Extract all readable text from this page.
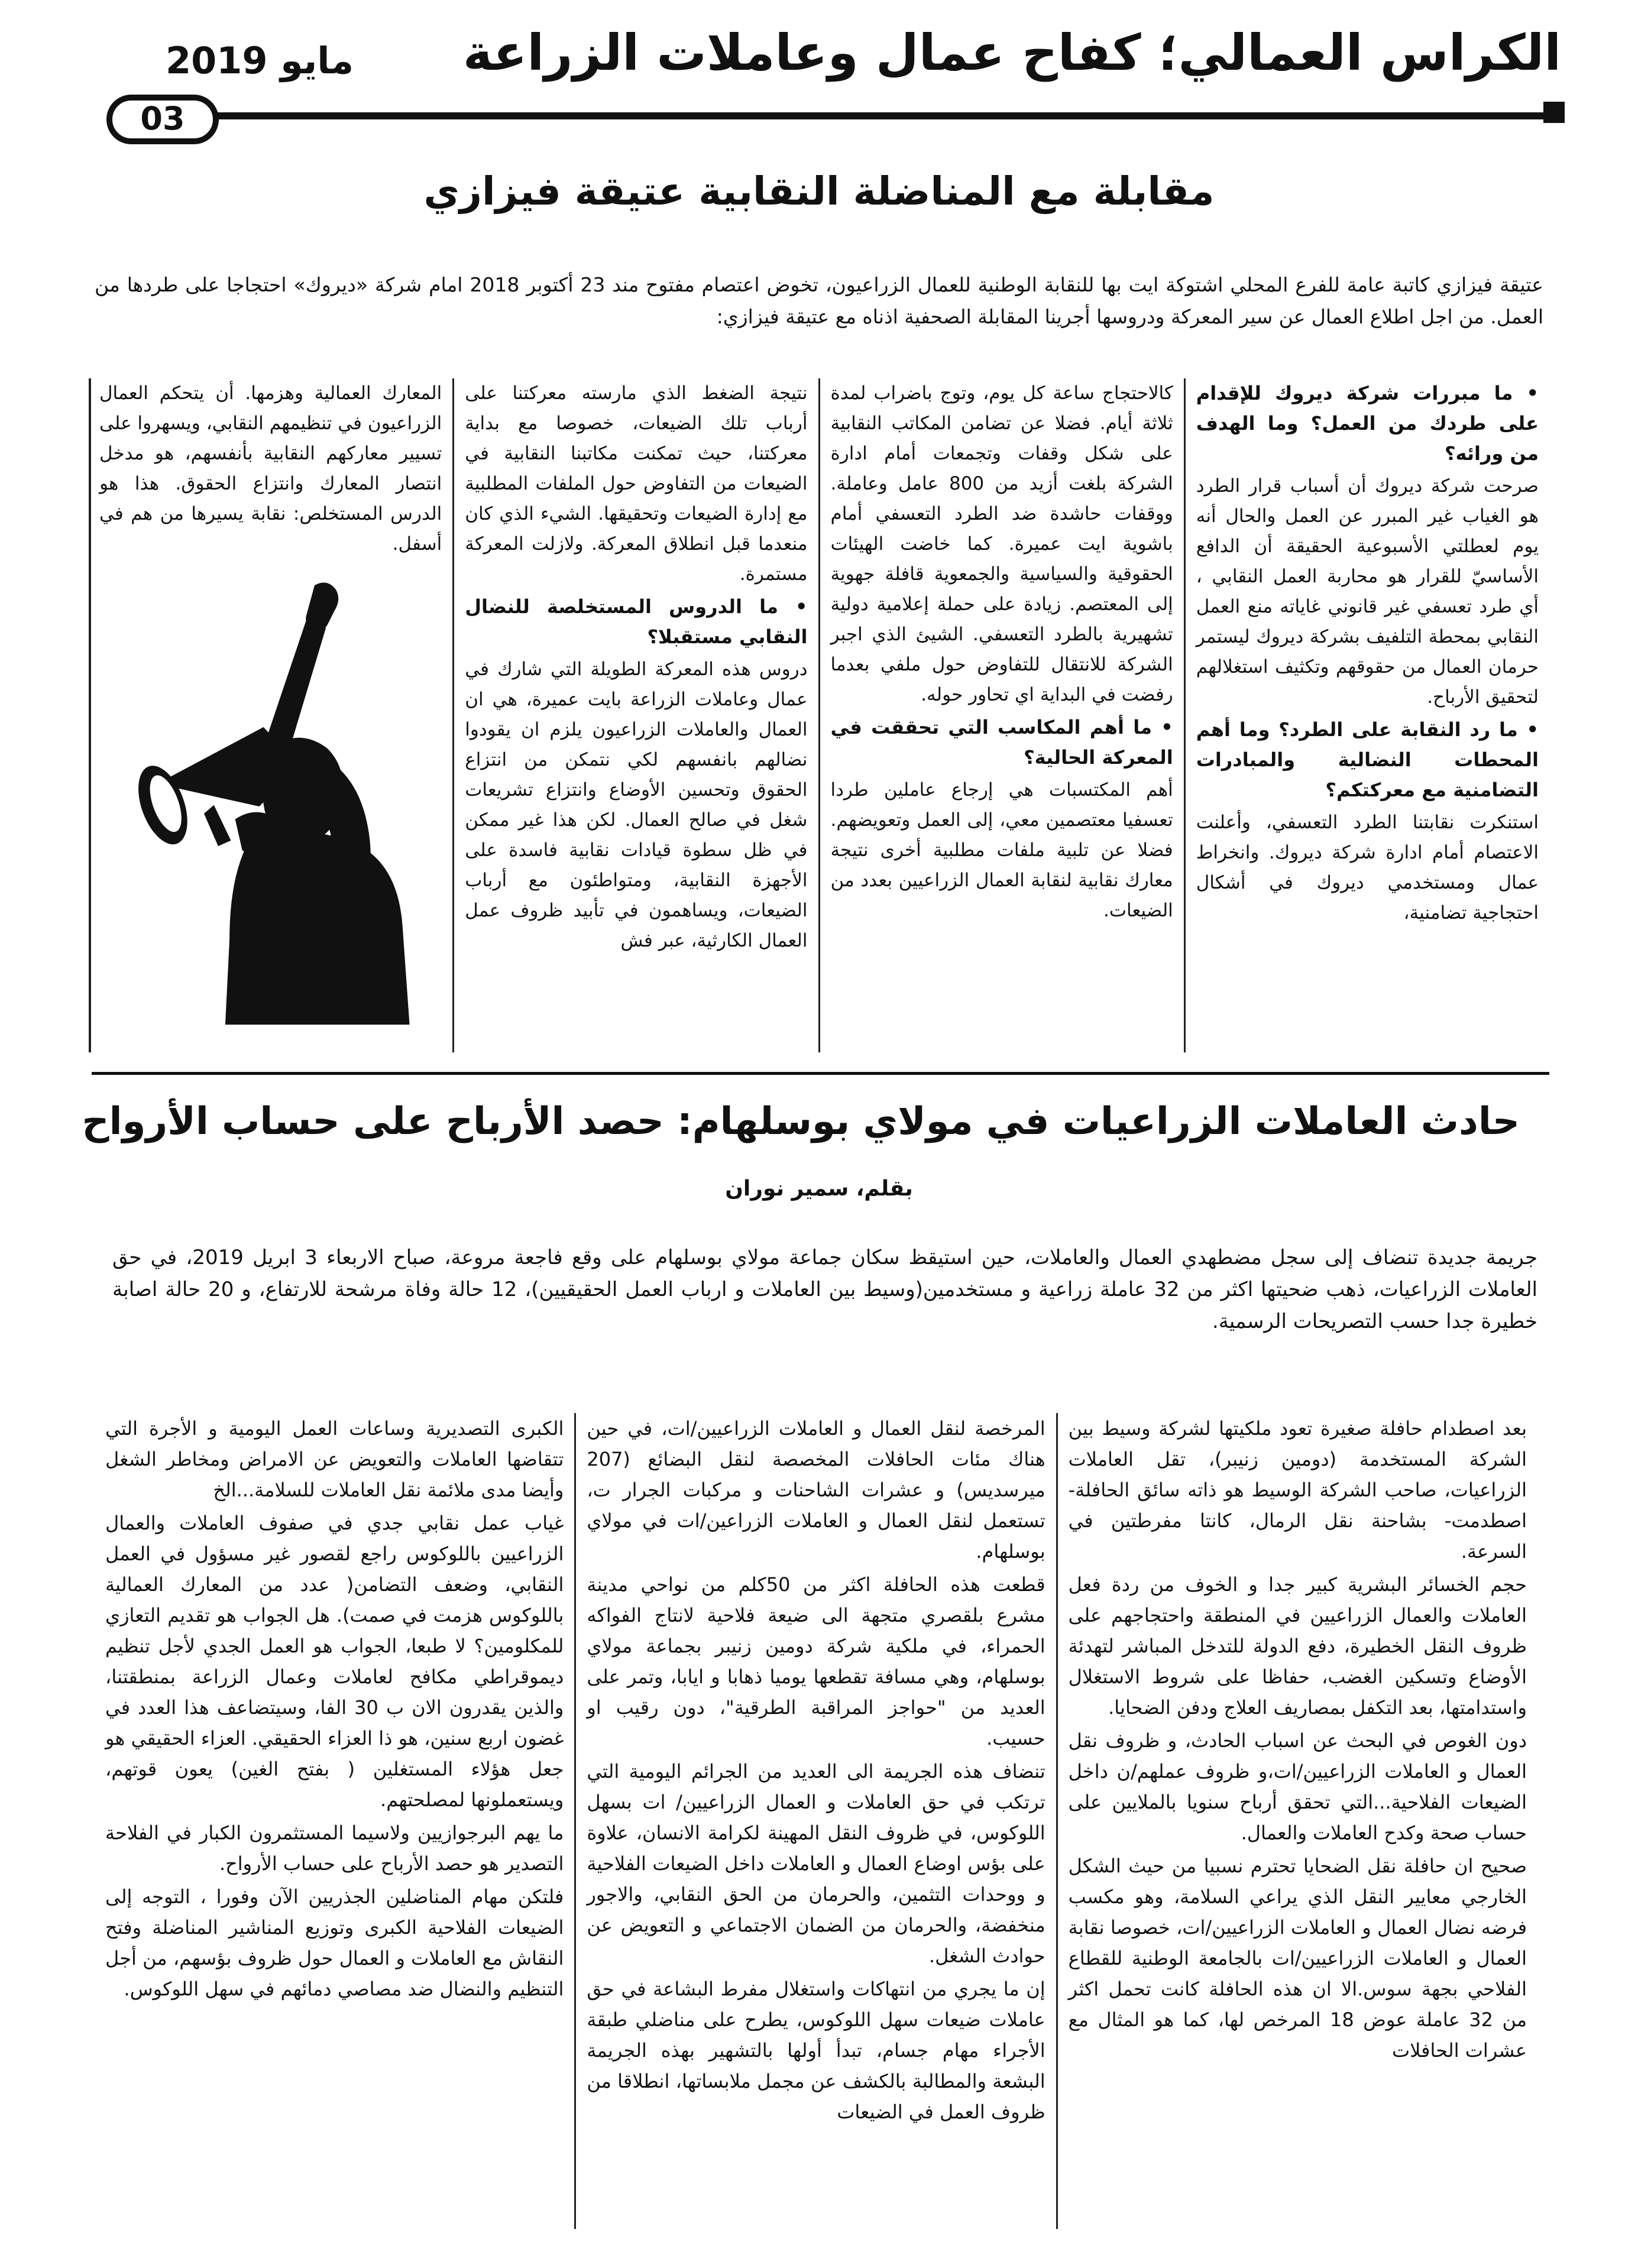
الكراس العمالي؛ كفاح عمال وعاملات الزراعة
مايو 2019
03
مقابلة مع المناضلة النقابية عتيقة فيزازي

عتيقة فيزازي كاتبة عامة للفرع المحلي اشتوكة ايت بها للنقابة الوطنية للعمال الزراعيون، تخوض اعتصام مفتوح مند 23 أكتوبر 2018 امام شركة «ديروك» احتجاجا على طردها من العمل. من اجل اطلاع العمال عن سير المعركة ودروسها أجرينا المقابلة الصحفية اذناه مع عتيقة فيزازي:

• ما مبررات شركة ديروك للإقدام على طردك من العمل؟ وما الهدف من ورائه؟

صرحت شركة ديروك أن أسباب قرار الطرد هو الغياب غير المبرر عن العمل والحال أنه يوم لعطلتي الأسبوعية الحقيقة أن الدافع الأساسيّ للقرار هو محاربة العمل النقابي ، أي طرد تعسفي غير قانوني غاياته منع العمل النقابي بمحطة التلفيف بشركة ديروك ليستمر حرمان العمال من حقوقهم وتكثيف استغلالهم لتحقيق الأرباح.

• ما رد النقابة على الطرد؟ وما أهم المحطات النضالية والمبادرات التضامنية مع معركتكم؟

استنكرت نقابتنا الطرد التعسفي، وأعلنت الاعتصام أمام ادارة شركة ديروك. وانخراط عمال ومستخدمي ديروك في أشكال احتجاجية تضامنية،

كالاحتجاج ساعة كل يوم، وتوج باضراب لمدة ثلاثة أيام. فضلا عن تضامن المكاتب النقابية على شكل وقفات وتجمعات أمام ادارة الشركة بلغت أزيد من 800 عامل وعاملة. ووقفات حاشدة ضد الطرد التعسفي أمام باشوية ايت عميرة. كما خاضت الهيئات الحقوقية والسياسية والجمعوية قافلة جهوية إلى المعتصم. زيادة على حملة إعلامية دولية تشهيرية بالطرد التعسفي. الشيئ الذي اجبر الشركة للانتقال للتفاوض حول ملفي بعدما رفضت في البداية اي تحاور حوله.

• ما أهم المكاسب التي تحققت في المعركة الحالية؟

أهم المكتسبات هي إرجاع عاملين طردا تعسفيا معتصمين معي، إلى العمل وتعويضهم. فضلا عن تلبية ملفات مطلبية أخرى نتيجة معارك نقابية لنقابة العمال الزراعيين بعدد من الضيعات.

نتيجة الضغط الذي مارسته معركتنا على أرباب تلك الضيعات، خصوصا مع بداية معركتنا، حيث تمكنت مكاتبنا النقابية في الضيعات من التفاوض حول الملفات المطلبية مع إدارة الضيعات وتحقيقها. الشيء الذي كان منعدما قبل انطلاق المعركة. ولازلت المعركة مستمرة.

• ما الدروس المستخلصة للنضال النقابي مستقبلا؟

دروس هذه المعركة الطويلة التي شارك في عمال وعاملات الزراعة بايت عميرة، هي ان العمال والعاملات الزراعيون يلزم ان يقودوا نضالهم بانفسهم لكي نتمكن من انتزاع الحقوق وتحسين الأوضاع وانتزاع تشريعات شغل في صالح العمال. لكن هذا غير ممكن في ظل سطوة قيادات نقابية فاسدة على الأجهزة النقابية، ومتواطئون مع أرباب الضيعات، ويساهمون في تأبيد ظروف عمل العمال الكارثية، عبر فش

المعارك العمالية وهزمها. أن يتحكم العمال الزراعيون في تنظيمهم النقابي، ويسهروا على تسيير معاركهم النقابية بأنفسهم، هو مدخل انتصار المعارك وانتزاع الحقوق. هذا هو الدرس المستخلص: نقابة يسيرها من هم في أسفل.

حادث العاملات الزراعيات في مولاي بوسلهام: حصد الأرباح على حساب الأرواح

بقلم، سمير نوران

جريمة جديدة تنضاف إلى سجل مضطهدي العمال والعاملات، حين استيقظ سكان جماعة مولاي بوسلهام على وقع فاجعة مروعة، صباح الاربعاء 3 ابريل 2019، في حق العاملات الزراعيات، ذهب ضحيتها اكثر من 32 عاملة زراعية و مستخدمين(وسيط بين العاملات و ارباب العمل الحقيقيين)، 12 حالة وفاة مرشحة للارتفاع، و 20 حالة اصابة خطيرة جدا حسب التصريحات الرسمية.

بعد اصطدام حافلة صغيرة تعود ملكيتها لشركة وسيط بين الشركة المستخدمة (دومين زنيبر)، تقل العاملات الزراعيات، صاحب الشركة الوسيط هو ذاته سائق الحافلة-اصطدمت- بشاحنة نقل الرمال، كانتا مفرطتين في السرعة.

حجم الخسائر البشرية كبير جدا و الخوف من ردة فعل العاملات والعمال الزراعيين في المنطقة واحتجاجهم على ظروف النقل الخطيرة، دفع الدولة للتدخل المباشر لتهدئة الأوضاع وتسكين الغضب، حفاظا على شروط الاستغلال واستدامتها، بعد التكفل بمصاريف العلاج ودفن الضحايا.

دون الغوص في البحث عن اسباب الحادث، و ظروف نقل العمال و العاملات الزراعيين/ات،و ظروف عملهم/ن داخل الضيعات الفلاحية...التي تحقق أرباح سنويا بالملايين على حساب صحة وكدح العاملات والعمال.

صحيح ان حافلة نقل الضحايا تحترم نسبيا من حيث الشكل الخارجي معايير النقل الذي يراعي السلامة، وهو مكسب فرضه نضال العمال و العاملات الزراعيين/ات، خصوصا نقابة العمال و العاملات الزراعيين/ات بالجامعة الوطنية للقطاع الفلاحي بجهة سوس.الا ان هذه الحافلة كانت تحمل اكثر من 32 عاملة عوض 18 المرخص لها، كما هو المثال مع عشرات الحافلات

المرخصة لنقل العمال و العاملات الزراعيين/ات، في حين هناك مئات الحافلات المخصصة لنقل البضائع (207 ميرسديس) و عشرات الشاحنات و مركبات الجرار ت، تستعمل لنقل العمال و العاملات الزراعين/ات في مولاي بوسلهام.

قطعت هذه الحافلة اكثر من 50كلم من نواحي مدينة مشرع بلقصري متجهة الى ضيعة فلاحية لانتاج الفواكه الحمراء، في ملكية شركة دومين زنيبر بجماعة مولاي بوسلهام، وهي مسافة تقطعها يوميا ذهابا و ايابا، وتمر على العديد من "حواجز المراقبة الطرقية"، دون رقيب او حسيب.

تنضاف هذه الجريمة الى العديد من الجرائم اليومية التي ترتكب في حق العاملات و العمال الزراعيين/ ات بسهل اللوكوس، في ظروف النقل المهينة لكرامة الانسان، علاوة على بؤس اوضاع العمال و العاملات داخل الضيعات الفلاحية و ووحدات التثمين، والحرمان من الحق النقابي، والاجور منخفضة، والحرمان من الضمان الاجتماعي و التعويض عن حوادث الشغل.

إن ما يجري من انتهاكات واستغلال مفرط البشاعة في حق عاملات ضيعات سهل اللوكوس، يطرح على مناضلي طبقة الأجراء مهام جسام، تبدأ أولها بالتشهير بهذه الجريمة البشعة والمطالبة بالكشف عن مجمل ملابساتها، انطلاقا من ظروف العمل في الضيعات

الكبرى التصديرية وساعات العمل اليومية و الأجرة التي تتقاضها العاملات والتعويض عن الامراض ومخاطر الشغل وأيضا مدى ملائمة نقل العاملات للسلامة...الخ

غياب عمل نقابي جدي في صفوف العاملات والعمال الزراعيين باللوكوس راجع لقصور غير مسؤول في العمل النقابي، وضعف التضامن( عدد من المعارك العمالية باللوكوس هزمت في صمت). هل الجواب هو تقديم التعازي للمكلومين؟ لا طبعا، الجواب هو العمل الجدي لأجل تنظيم ديموقراطي مكافح لعاملات وعمال الزراعة بمنطقتنا، والذين يقدرون الان ب 30 الفا، وسيتضاعف هذا العدد في غضون اربع سنين، هو ذا العزاء الحقيقي. العزاء الحقيقي هو جعل هؤلاء المستغلين ( بفتح الغين) يعون قوتهم، ويستعملونها لمصلحتهم.

ما يهم البرجوازيين ولاسيما المستثمرون الكبار في الفلاحة التصدير هو حصد الأرباح على حساب الأرواح.

فلتكن مهام المناضلين الجذريين الآن وفورا ، التوجه إلى الضيعات الفلاحية الكبرى وتوزيع المناشير المناضلة وفتح النقاش مع العاملات و العمال حول ظروف بؤسهم، من أجل التنظيم والنضال ضد مصاصي دمائهم في سهل اللوكوس.
